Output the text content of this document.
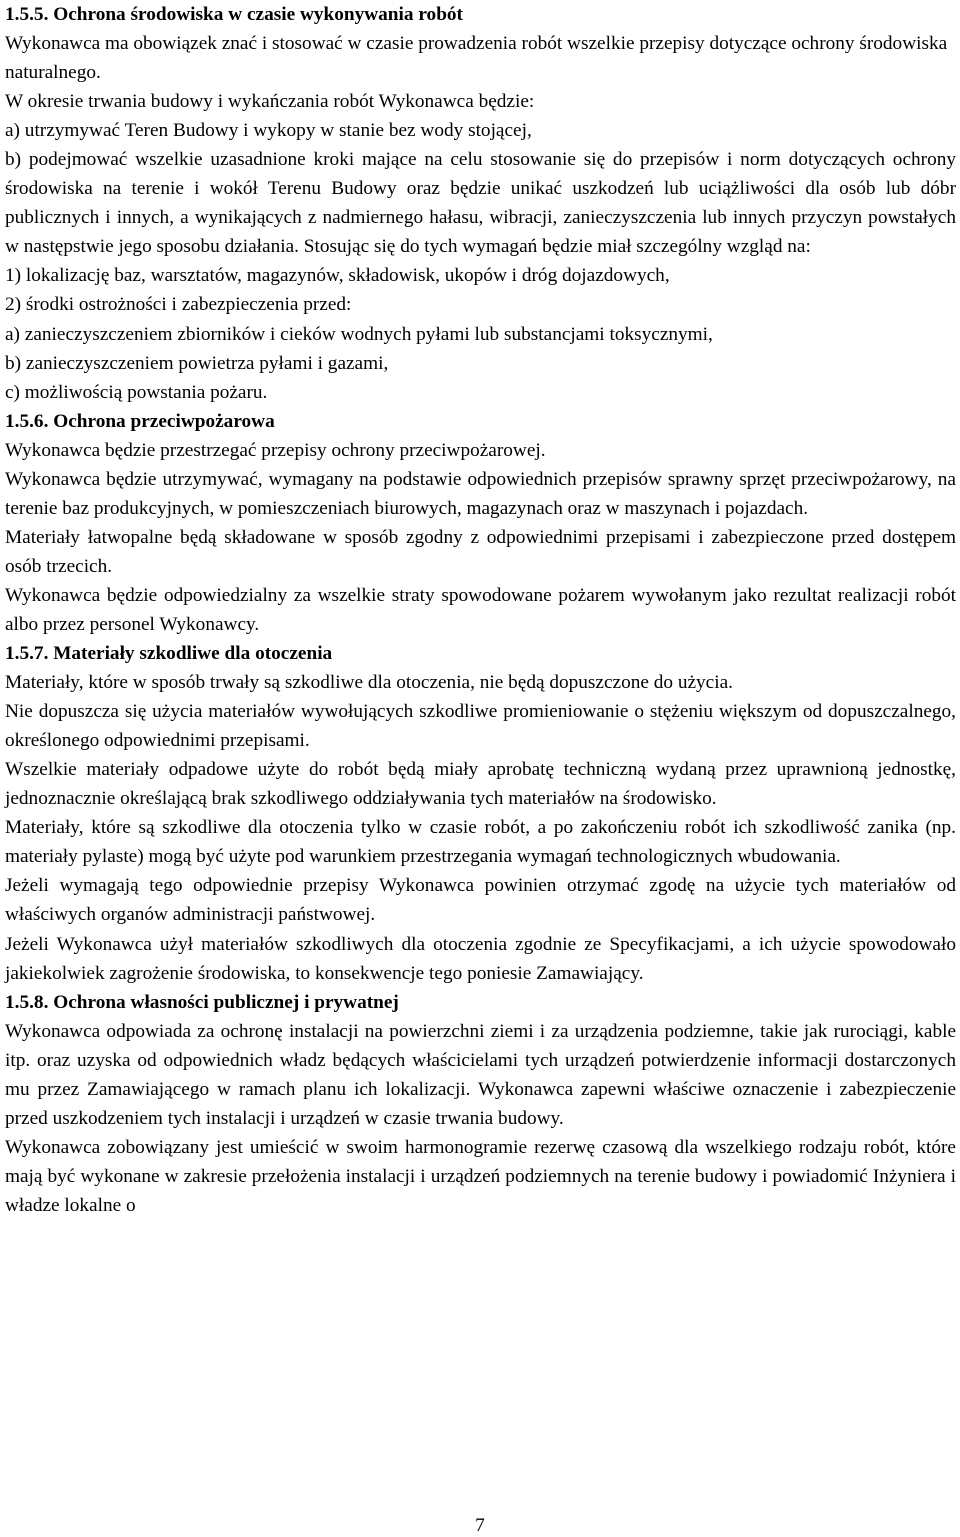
1.5.5. Ochrona środowiska w czasie wykonywania robót

Wykonawca ma obowiązek znać i stosować w czasie prowadzenia robót wszelkie przepisy dotyczące ochrony środowiska naturalnego.

W okresie trwania budowy i wykańczania robót Wykonawca będzie:

a) utrzymywać Teren Budowy i wykopy w stanie bez wody stojącej,

b) podejmować wszelkie uzasadnione kroki mające na celu stosowanie się do przepisów i norm dotyczących ochrony środowiska na terenie i wokół Terenu Budowy oraz będzie unikać uszkodzeń lub uciążliwości dla osób lub dóbr publicznych i innych, a wynikających z nadmiernego hałasu, wibracji, zanieczyszczenia lub innych przyczyn powstałych w następstwie jego sposobu działania. Stosując się do tych wymagań będzie miał szczególny wzgląd na:

1) lokalizację baz, warsztatów, magazynów, składowisk, ukopów i dróg dojazdowych,

2) środki ostrożności i zabezpieczenia przed:

a) zanieczyszczeniem zbiorników i cieków wodnych pyłami lub substancjami toksycznymi,

b) zanieczyszczeniem powietrza pyłami i gazami,

c) możliwością powstania pożaru.

1.5.6. Ochrona przeciwpożarowa

Wykonawca będzie przestrzegać przepisy ochrony przeciwpożarowej.

Wykonawca będzie utrzymywać, wymagany na podstawie odpowiednich przepisów sprawny sprzęt przeciwpożarowy, na terenie baz produkcyjnych, w pomieszczeniach biurowych, magazynach oraz w maszynach i pojazdach.

Materiały łatwopalne będą składowane w sposób zgodny z odpowiednimi przepisami i zabezpieczone przed dostępem osób trzecich.

Wykonawca będzie odpowiedzialny za wszelkie straty spowodowane pożarem wywołanym jako rezultat realizacji robót albo przez personel Wykonawcy.

1.5.7. Materiały szkodliwe dla otoczenia

Materiały, które w sposób trwały są szkodliwe dla otoczenia, nie będą dopuszczone do użycia.

Nie dopuszcza się użycia materiałów wywołujących szkodliwe promieniowanie o stężeniu większym od dopuszczalnego, określonego odpowiednimi przepisami.

Wszelkie materiały odpadowe użyte do robót będą miały aprobatę techniczną wydaną przez uprawnioną jednostkę, jednoznacznie określającą brak szkodliwego oddziaływania tych materiałów na środowisko.

Materiały, które są szkodliwe dla otoczenia tylko w czasie robót, a po zakończeniu robót ich szkodliwość zanika (np. materiały pylaste) mogą być użyte pod warunkiem przestrzegania wymagań technologicznych wbudowania.

Jeżeli wymagają tego odpowiednie przepisy Wykonawca powinien otrzymać zgodę na użycie tych materiałów od właściwych organów administracji państwowej.

Jeżeli Wykonawca użył materiałów szkodliwych dla otoczenia zgodnie ze Specyfikacjami, a ich użycie spowodowało jakiekolwiek zagrożenie środowiska, to konsekwencje tego poniesie Zamawiający.

1.5.8. Ochrona własności publicznej i prywatnej

Wykonawca odpowiada za ochronę instalacji na powierzchni ziemi i za urządzenia podziemne, takie jak rurociągi, kable itp. oraz uzyska od odpowiednich władz będących właścicielami tych urządzeń potwierdzenie informacji dostarczonych mu przez Zamawiającego w ramach planu ich lokalizacji. Wykonawca zapewni właściwe oznaczenie i zabezpieczenie przed uszkodzeniem tych instalacji i urządzeń w czasie trwania budowy.

Wykonawca zobowiązany jest umieścić w swoim harmonogramie rezerwę czasową dla wszelkiego rodzaju robót, które mają być wykonane w zakresie przełożenia instalacji i urządzeń podziemnych na terenie budowy i powiadomić Inżyniera i władze lokalne o

7
